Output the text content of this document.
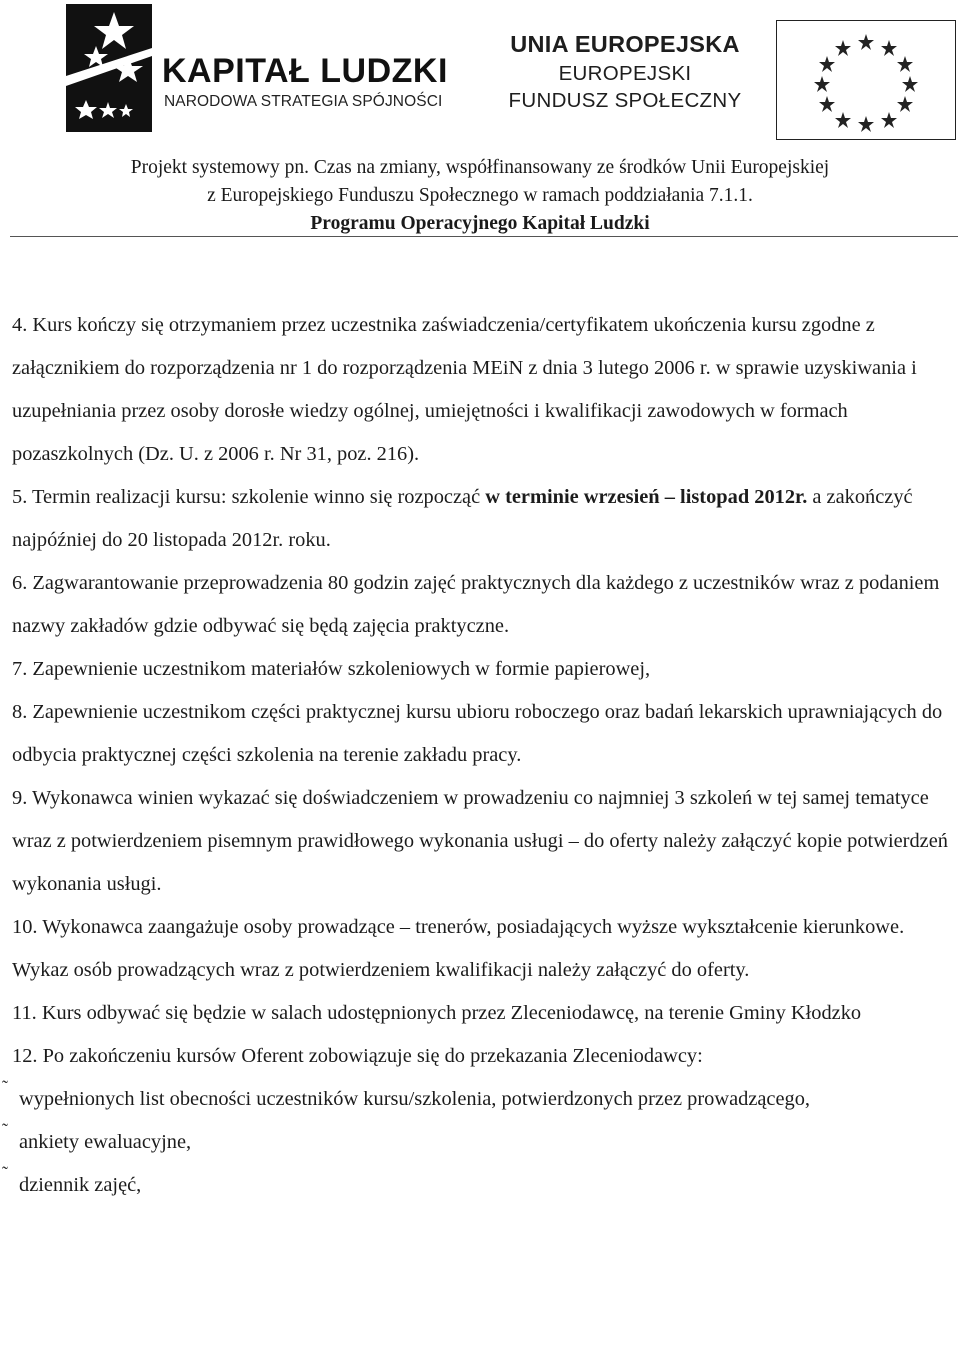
KAPITAŁ LUDZKI
NARODOWA STRATEGIA SPÓJNOŚCI
UNIA EUROPEJSKA
EUROPEJSKI
FUNDUSZ SPOŁECZNY
Projekt systemowy pn. Czas na zmiany, współfinansowany ze środków Unii Europejskiej
z Europejskiego Funduszu Społecznego w ramach poddziałania 7.1.1.
Programu Operacyjnego Kapitał Ludzki

4. Kurs kończy się otrzymaniem przez uczestnika zaświadczenia/certyfikatem ukończenia kursu zgodne z załącznikiem do rozporządzenia nr 1 do rozporządzenia MEiN z dnia 3 lutego 2006 r. w sprawie uzyskiwania i uzupełniania przez osoby dorosłe wiedzy ogólnej, umiejętności i kwalifikacji zawodowych w formach pozaszkolnych (Dz. U. z 2006 r. Nr 31, poz. 216).

5. Termin realizacji kursu: szkolenie winno się rozpocząć w terminie wrzesień – listopad 2012r. a zakończyć najpóźniej do 20 listopada 2012r. roku.

6. Zagwarantowanie przeprowadzenia 80 godzin zajęć praktycznych dla każdego z uczestników wraz z podaniem nazwy zakładów gdzie odbywać się będą zajęcia praktyczne.

7. Zapewnienie uczestnikom materiałów szkoleniowych w formie papierowej,

8. Zapewnienie uczestnikom części praktycznej kursu ubioru roboczego oraz badań lekarskich uprawniających do odbycia praktycznej części szkolenia na terenie zakładu pracy.

9. Wykonawca winien wykazać się doświadczeniem w prowadzeniu co najmniej 3 szkoleń w tej samej tematyce wraz z potwierdzeniem pisemnym prawidłowego wykonania usługi – do oferty należy załączyć kopie potwierdzeń wykonania usługi.

10. Wykonawca zaangażuje osoby prowadzące – trenerów, posiadających wyższe wykształcenie kierunkowe. Wykaz osób prowadzących wraz z potwierdzeniem kwalifikacji należy załączyć do oferty.

11. Kurs odbywać się będzie w salach udostępnionych przez Zleceniodawcę, na terenie Gminy Kłodzko

12. Po zakończeniu kursów Oferent zobowiązuje się do przekazania Zleceniodawcy:

˜
wypełnionych list obecności uczestników kursu/szkolenia, potwierdzonych przez prowadzącego,
˜
ankiety ewaluacyjne,
˜
dziennik zajęć,
